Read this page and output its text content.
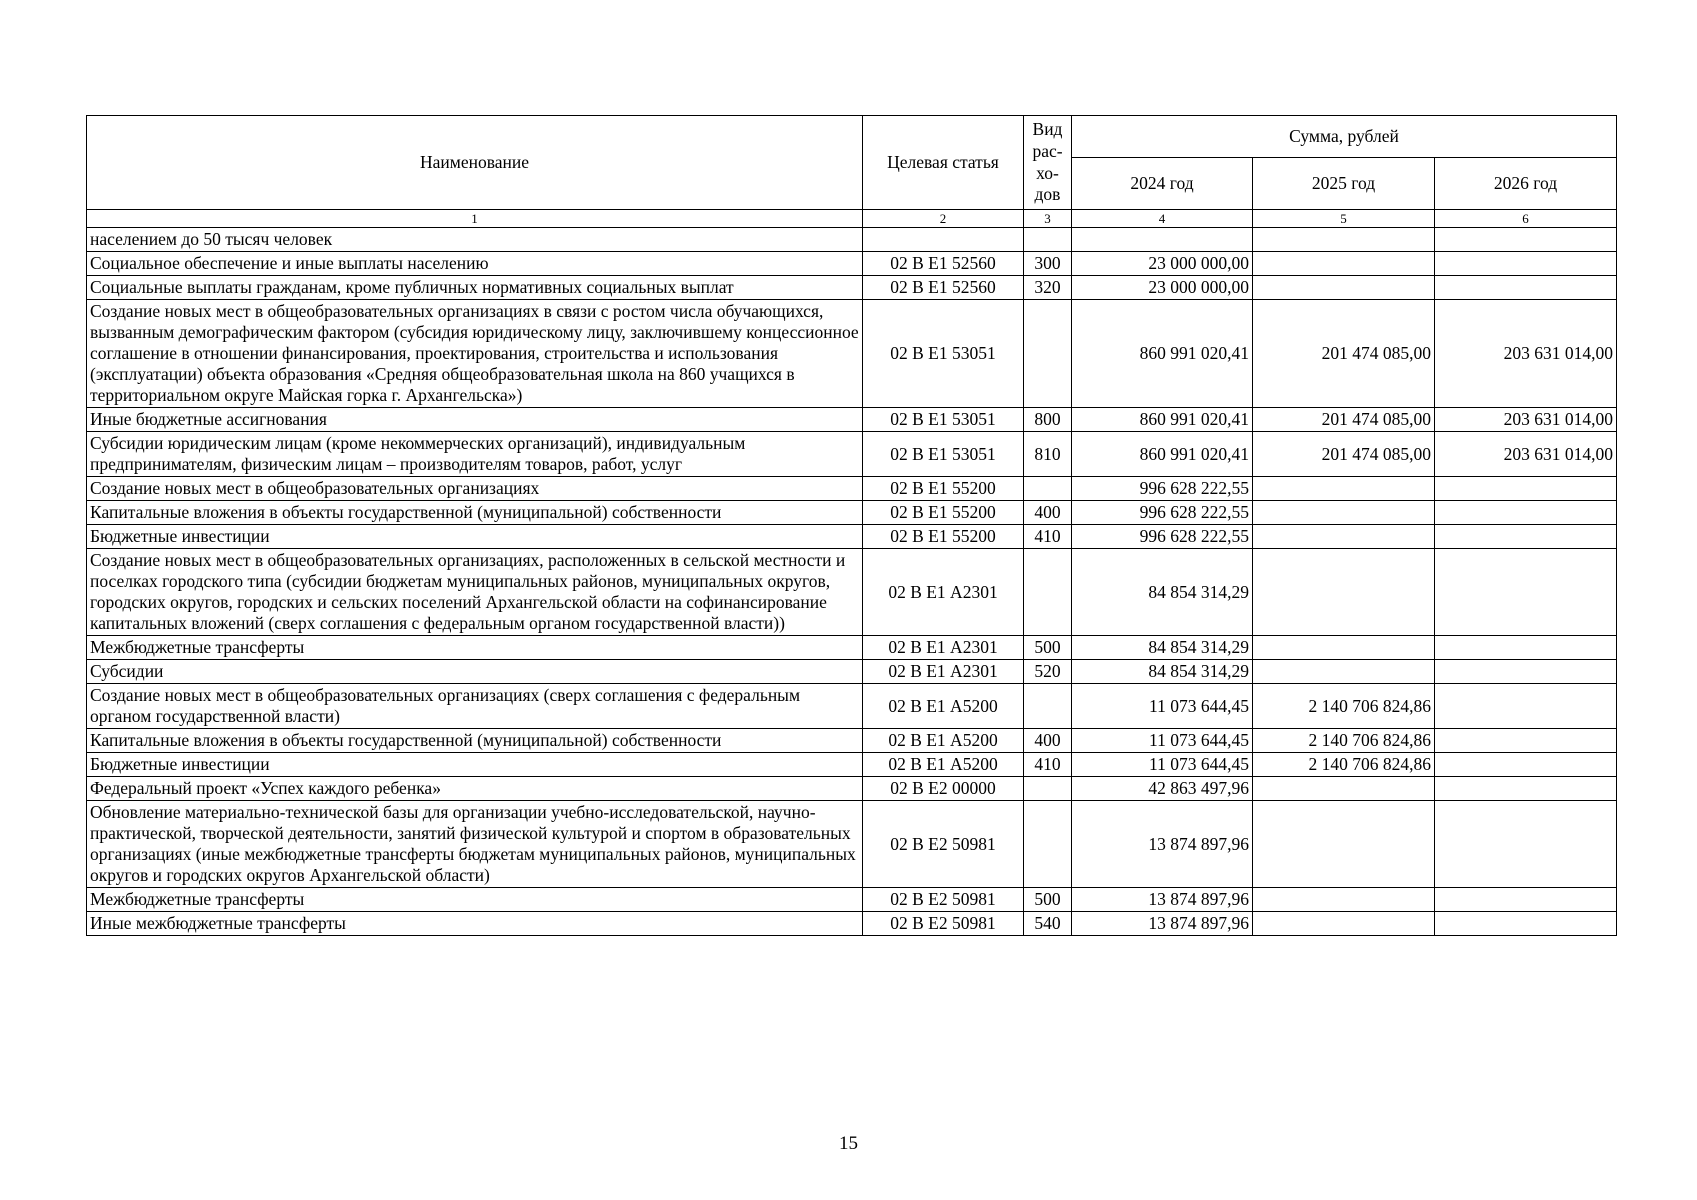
Наименование	Целевая статья	Вид рас-хо-дов	Сумма, рублей		
			2024 год	2025 год	2026 год
1	2	3	4	5	6
населением до 50 тысяч человек					
Социальное обеспечение и иные выплаты населению	02 В Е1 52560	300	23 000 000,00		
Социальные выплаты гражданам, кроме публичных нормативных социальных выплат	02 В Е1 52560	320	23 000 000,00		
Создание новых мест в общеобразовательных организациях в связи с ростом числа обучающихся, вызванным демографическим фактором (субсидия юридическому лицу, заключившему концессионное соглашение в отношении финансирования, проектирования, строительства и использования (эксплуатации) объекта образования «Средняя общеобразовательная школа на 860 учащихся в территориальном округе Майская горка г. Архангельска»)	02 В Е1 53051		860 991 020,41	201 474 085,00	203 631 014,00
Иные бюджетные ассигнования	02 В Е1 53051	800	860 991 020,41	201 474 085,00	203 631 014,00
Субсидии юридическим лицам (кроме некоммерческих организаций), индивидуальным предпринимателям, физическим лицам – производителям товаров, работ, услуг	02 В Е1 53051	810	860 991 020,41	201 474 085,00	203 631 014,00
Создание новых мест в общеобразовательных организациях	02 В Е1 55200		996 628 222,55		
Капитальные вложения в объекты государственной (муниципальной) собственности	02 В Е1 55200	400	996 628 222,55		
Бюджетные инвестиции	02 В Е1 55200	410	996 628 222,55		
Создание новых мест в общеобразовательных организациях, расположенных в сельской местности и поселках городского типа (субсидии бюджетам муниципальных районов, муниципальных округов, городских округов, городских и сельских поселений Архангельской области на софинансирование капитальных вложений (сверх соглашения с федеральным органом государственной власти))	02 В Е1 А2301		84 854 314,29		
Межбюджетные трансферты	02 В Е1 А2301	500	84 854 314,29		
Субсидии	02 В Е1 А2301	520	84 854 314,29		
Создание новых мест в общеобразовательных организациях (сверх соглашения с федеральным органом государственной власти)	02 В Е1 А5200		11 073 644,45	2 140 706 824,86	
Капитальные вложения в объекты государственной (муниципальной) собственности	02 В Е1 А5200	400	11 073 644,45	2 140 706 824,86	
Бюджетные инвестиции	02 В Е1 А5200	410	11 073 644,45	2 140 706 824,86	
Федеральный проект «Успех каждого ребенка»	02 В Е2 00000		42 863 497,96		
Обновление материально-технической базы для организации учебно-исследовательской, научно-практической, творческой деятельности, занятий физической культурой и спортом в образовательных организациях (иные межбюджетные трансферты бюджетам муниципальных районов, муниципальных округов и городских округов Архангельской области)	02 В Е2 50981		13 874 897,96		
Межбюджетные трансферты	02 В Е2 50981	500	13 874 897,96		
Иные межбюджетные трансферты	02 В Е2 50981	540	13 874 897,96		
15
